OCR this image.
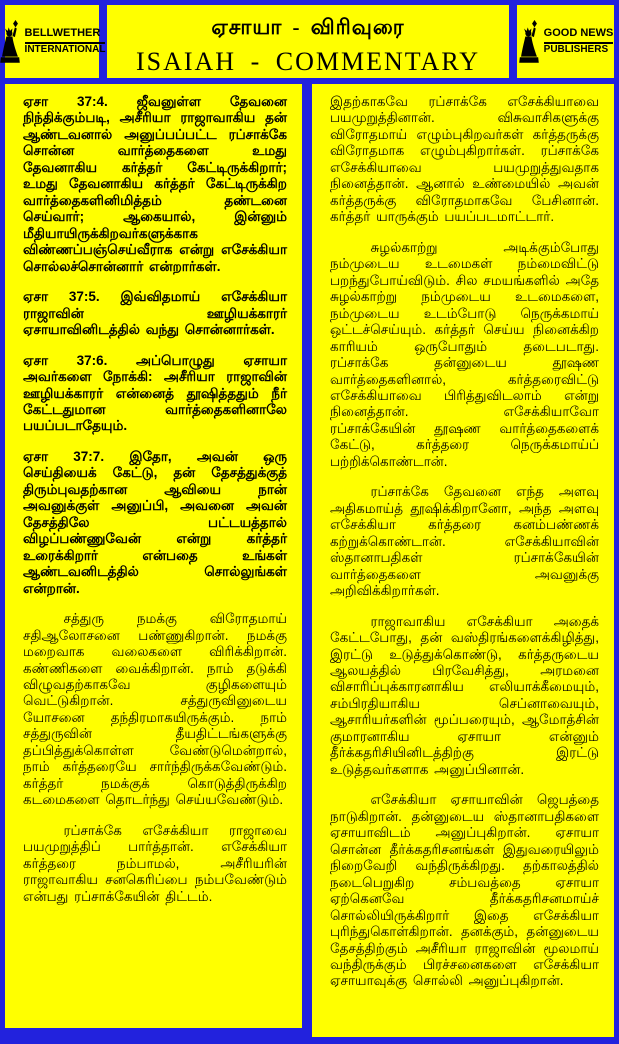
BELLWETHER
INTERNATIONAL
ஏசாயா - விரிவுரை
ISAIAH - COMMENTARY
GOOD NEWS
PUBLISHERS

ஏசா 37:4. ஜீவனுள்ள தேவனை நிந்திக்கும்படி, அசீரியா ராஜாவாகிய தன் ஆண்டவனால் அனுப்பப்பட்ட ரப்சாக்கே சொன்ன வார்த்தைகளை உமது தேவனாகிய கர்த்தர் கேட்டிருக்கிறார்; உமது தேவனாகிய கர்த்தர் கேட்டிருக்கிற வார்த்தைகளினிமித்தம் தண்டனை செய்வார்; ஆகையால், இன்னும் மீதியாயிருக்கிறவர்களுக்காக விண்ணப்பஞ்செய்வீராக என்று எசேக்கியா சொல்லச்சொன்னார் என்றார்கள்.

ஏசா 37:5. இவ்விதமாய் எசேக்கியா ராஜாவின் ஊழியக்காரர் ஏசாயாவினிடத்தில் வந்து சொன்னார்கள்.

ஏசா 37:6. அப்பொழுது ஏசாயா அவர்களை நோக்கி: அசீரியா ராஜாவின் ஊழியக்காரர் என்னைத் தூஷித்ததும் நீர் கேட்டதுமான வார்த்தைகளினாலே பயப்படாதேயும்.

ஏசா 37:7. இதோ, அவன் ஒரு செய்தியைக் கேட்டு, தன் தேசத்துக்குத் திரும்புவதற்கான ஆவியை நான் அவனுக்குள் அனுப்பி, அவனை அவன் தேசத்திலே பட்டயத்தால் விழப்பண்ணுவேன் என்று கர்த்தர் உரைக்கிறார் என்பதை உங்கள் ஆண்டவனிடத்தில் சொல்லுங்கள் என்றான்.

சத்துரு நமக்கு விரோதமாய் சதிஆலோசனை பண்ணுகிறான். நமக்கு மறைவாக வலைகளை விரிக்கிறான். கண்ணிகளை வைக்கிறான். நாம் தடுக்கி விழுவதற்காகவே குழிகளையும் வெட்டுகிறான். சத்துருவினுடைய யோசனை தந்திரமாகயிருக்கும். நாம் சத்துருவின் தீயதிட்டங்களுக்கு தப்பித்துக்கொள்ள வேண்டுமென்றால், நாம் கர்த்தரையே சார்ந்திருக்கவேண்டும். கர்த்தர் நமக்குக் கொடுத்திருக்கிற கடமைகளை தொடர்ந்து செய்யவேண்டும்.

ரப்சாக்கே எசேக்கியா ராஜாவை பயமுறுத்திப் பார்த்தான். எசேக்கியா கர்த்தரை நம்பாமல், அசீரியரின் ராஜாவாகிய சனகெரிப்பை நம்பவேண்டும் என்பது ரப்சாக்கேயின் திட்டம்.

இதற்காகவே ரப்சாக்கே எசேக்கியாவை பயமுறுத்தினான். விசுவாசிகளுக்கு விரோதமாய் எழும்புகிறவர்கள் கர்த்தருக்கு விரோதமாக எழும்புகிறார்கள். ரப்சாக்கே எசேக்கியாவை பயமுறுத்துவதாக நினைத்தான். ஆனால் உண்மையில் அவன் கர்த்தருக்கு விரோதமாகவே பேசினான். கர்த்தர் யாருக்கும் பயப்படமாட்டார்.

சுழல்காற்று அடிக்கும்போது நம்முடைய உடமைகள் நம்மைவிட்டு பறந்துபோய்விடும். சில சமயங்களில் அதே சுழல்காற்று நம்முடைய உடமைகளை, நம்முடைய உடம்போடு நெருக்கமாய் ஒட்டச்செய்யும். கர்த்தர் செய்ய நினைக்கிற காரியம் ஒருபோதும் தடைபடாது. ரப்சாக்கே தன்னுடைய தூஷண வார்த்தைகளினால், கர்த்தரைவிட்டு எசேக்கியாவை பிரித்துவிடலாம் என்று நினைத்தான். எசேக்கியாவோ ரப்சாக்கேயின் தூஷண வார்த்தைகளைக் கேட்டு, கர்த்தரை நெருக்கமாய்ப் பற்றிக்கொண்டான்.

ரப்சாக்கே தேவனை எந்த அளவு அதிகமாய்த் தூஷிக்கிறானோ, அந்த அளவு எசேக்கியா கர்த்தரை கனம்பண்ணக் கற்றுக்கொண்டான். எசேக்கியாவின் ஸ்தானாபதிகள் ரப்சாக்கேயின் வார்த்தைகளை அவனுக்கு அறிவிக்கிறார்கள்.

ராஜாவாகிய எசேக்கியா அதைக் கேட்டபோது, தன் வஸ்திரங்களைக்கிழித்து, இரட்டு உடுத்துக்கொண்டு, கர்த்தருடைய ஆலயத்தில் பிரவேசித்து, அரமனை விசாரிப்புக்காரனாகிய எலியாக்கீமையும், சம்பிரதியாகிய செப்னாவையும், ஆசாரியர்களின் மூப்பரையும், ஆமோத்சின் குமாரனாகிய ஏசாயா என்னும் தீர்க்கதரிசியினிடத்திற்கு இரட்டு உடுத்தவர்களாக அனுப்பினான்.

எசேக்கியா ஏசாயாவின் ஜெபத்தை நாடுகிறான். தன்னுடைய ஸ்தானாபதிகளை ஏசாயாவிடம் அனுப்புகிறான். ஏசாயா சொன்ன தீர்க்கதரிசனங்கள் இதுவரையிலும் நிறைவேறி வந்திருக்கிறது. தற்காலத்தில் நடைபெறுகிற சம்பவத்தை ஏசாயா ஏற்கெனவே தீர்க்கதரிசனமாய்ச் சொல்லியிருக்கிறார் இதை எசேக்கியா புரிந்துகொள்கிறான். தனக்கும், தன்னுடைய தேசத்திற்கும் அசீரியா ராஜாவின் மூலமாய் வந்திருக்கும் பிரச்சனைகளை எசேக்கியா ஏசாயாவுக்கு சொல்லி அனுப்புகிறான்.
